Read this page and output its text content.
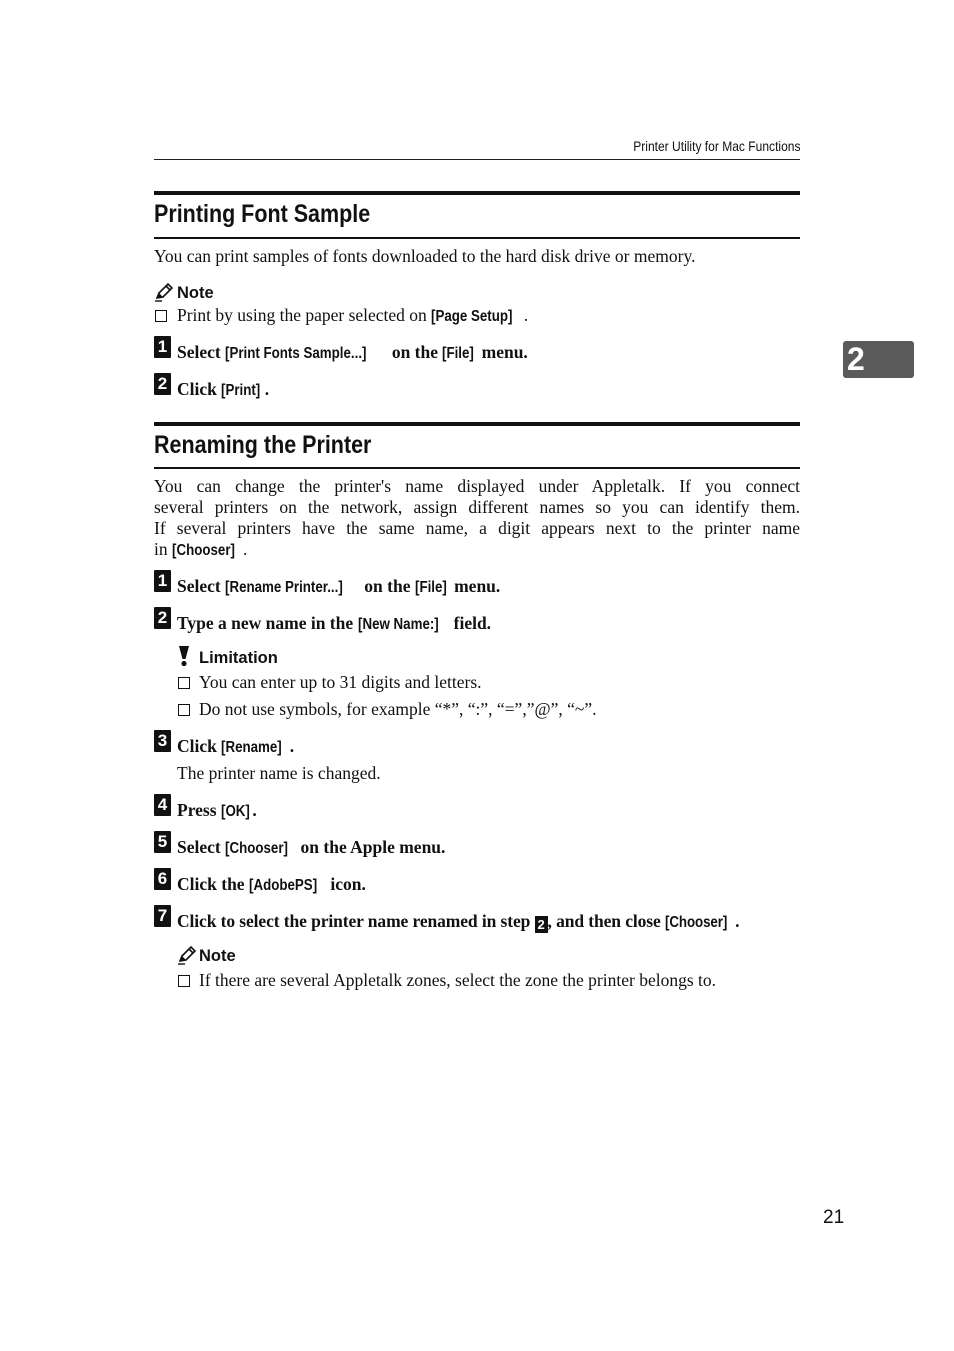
Printer Utility for Mac Functions
2
Printing Font Sample
You can print samples of fonts downloaded to the hard disk drive or memory.
Note
Print by using the paper selected on [Page Setup] .
1 Select [Print Fonts Sample...] on the [File] menu.
2 Click [Print] .
Renaming the Printer
You can change the printer's name displayed under Appletalk. If you connect
several printers on the network, assign different names so you can identify them.
If several printers have the same name, a digit appears next to the printer name
in [Chooser] .
1 Select [Rename Printer...] on the [File] menu.
2 Type a new name in the [New Name:] field.
Limitation
You can enter up to 31 digits and letters.
Do not use symbols, for example “*”, “:”, “=”,”@”, “~”.
3 Click [Rename] .
The printer name is changed.
4 Press [OK] .
5 Select [Chooser] on the Apple menu.
6 Click the [AdobePS] icon.
7 Click to select the printer name renamed in step 2 , and then close [Chooser] .
Note
If there are several Appletalk zones, select the zone the printer belongs to.
21
